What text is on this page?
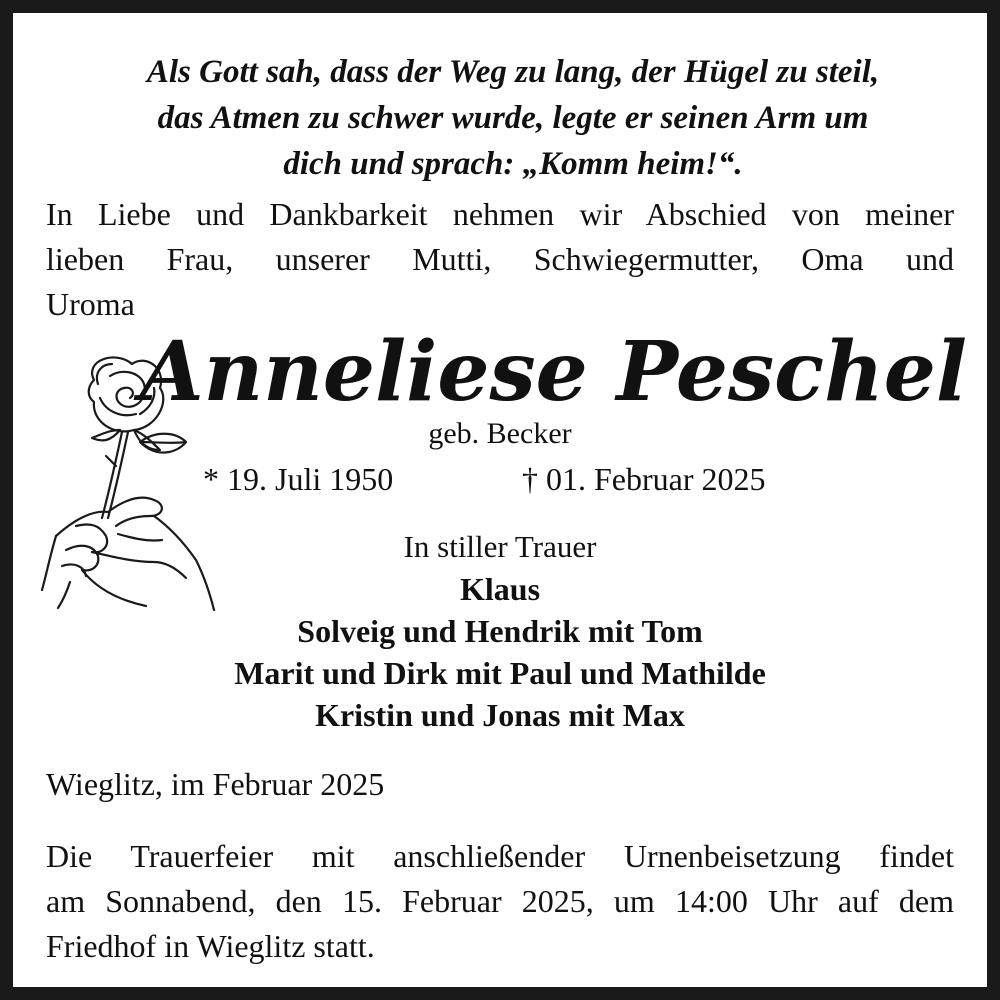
Als Gott sah, dass der Weg zu lang, der Hügel zu steil,
das Atmen zu schwer wurde, legte er seinen Arm um
dich und sprach: „Komm heim!“.
In Liebe und Dankbarkeit nehmen wir Abschied von meiner
lieben Frau, unserer Mutti, Schwiegermutter, Oma und
Uroma
Anneliese Peschel
geb. Becker
* 19. Juli 1950	† 01. Februar 2025
In stiller Trauer
Klaus
Solveig und Hendrik mit Tom
Marit und Dirk mit Paul und Mathilde
Kristin und Jonas mit Max
Wieglitz, im Februar 2025
Die Trauerfeier mit anschließender Urnenbeisetzung findet
am Sonnabend, den 15. Februar 2025, um 14:00 Uhr auf dem
Friedhof in Wieglitz statt.
